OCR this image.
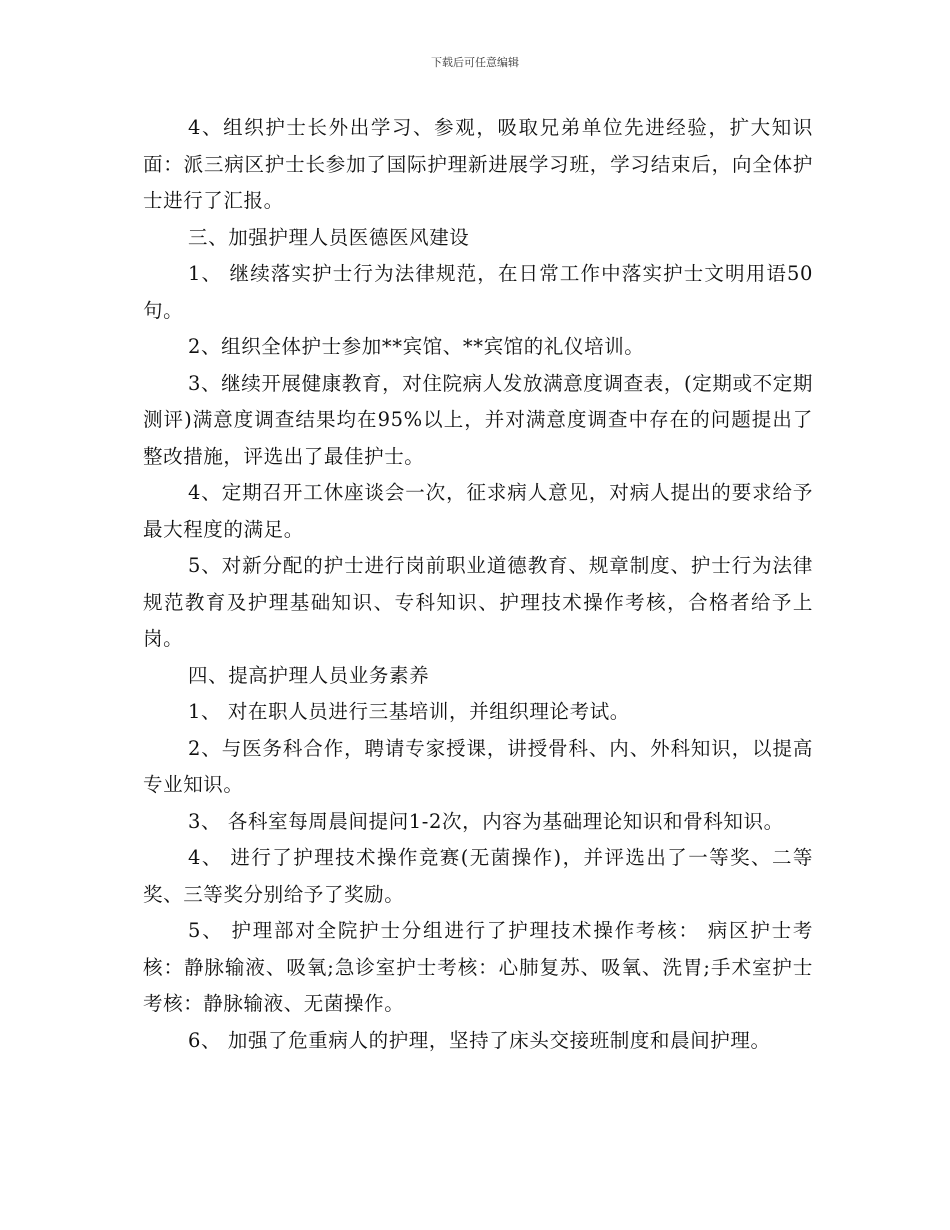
下载后可任意编辑

4、组织护士长外出学习、参观，吸取兄弟单位先进经验，扩大知识面：派三病区护士长参加了国际护理新进展学习班，学习结束后，向全体护士进行了汇报。

三、加强护理人员医德医风建设

1、 继续落实护士行为法律规范，在日常工作中落实护士文明用语50句。

2、组织全体护士参加**宾馆、**宾馆的礼仪培训。

3、继续开展健康教育，对住院病人发放满意度调查表，(定期或不定期测评)满意度调查结果均在95%以上，并对满意度调查中存在的问题提出了整改措施，评选出了最佳护士。

4、定期召开工休座谈会一次，征求病人意见，对病人提出的要求给予最大程度的满足。

5、对新分配的护士进行岗前职业道德教育、规章制度、护士行为法律规范教育及护理基础知识、专科知识、护理技术操作考核，合格者给予上岗。

四、提高护理人员业务素养

1、 对在职人员进行三基培训，并组织理论考试。

2、与医务科合作，聘请专家授课，讲授骨科、内、外科知识，以提高专业知识。

3、 各科室每周晨间提问1-2次，内容为基础理论知识和骨科知识。

4、 进行了护理技术操作竞赛(无菌操作)，并评选出了一等奖、二等奖、三等奖分别给予了奖励。

5、 护理部对全院护士分组进行了护理技术操作考核： 病区护士考核：静脉输液、吸氧;急诊室护士考核：心肺复苏、吸氧、洗胃;手术室护士考核：静脉输液、无菌操作。

6、 加强了危重病人的护理，坚持了床头交接班制度和晨间护理。
